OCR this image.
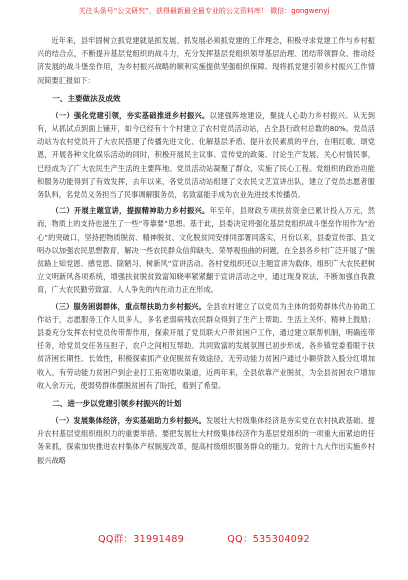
关注头条号“公文研究”，获得最新最全最专业的公文资料库！ 微信：gongwenyj

近年来，县牢固树立抓党建就是抓发展、抓发展必须抓党建的工作理念，积极寻求党建工作与乡村振兴的结合点，不断提升基层党组织的战斗力，充分发挥基层党组织领导基层治理、团结带领群众、推动经济发展的战斗堡垒作用，为乡村振兴战略的顺利实施提供坚强组织保障。现将抓党建引领乡村振兴工作情况简要汇报如下：

一、主要做法及成效

（一）强化党建引领，夯实基础推进乡村振兴。以建强阵地建设，聚拢人心助力乡村振兴。从无到有，从抓试点到面上铺开，如今已经有十个村建立了农村党员活动站，占全县行政村总数的80%。党员活动站为农村党员开了大农民搭建了传播先进文化、化解基层矛盾、提升农民素质的平台，在唱红歌、颂党恩，开展各种文化娱乐活动的同时，积极开展民主议事、宣传党的政策、讨论生产发展、关心村情民事，已经成为了广大农民生产生活的主要阵地。党员活动站凝聚了群众，实施了民心工程。党组织的政治功能和服务功能得到了有效发挥，去年以来，各党员活动站组建了文农民文艺宣讲出队，建立了党员志愿者服务队料，名党员义务担当了民事调解服务员，名致富能手成为农业先进技术传播员。

（二）开展主题宣讲，提振精神助力乡村振兴。年至年，县财政专项扶贫资金已累计投入万元，然而，物质上的支持也滋生了一些“等靠要”思想。基于此，县委决定将强化基层党组织战斗堡垒作用作为“治心”的突破口，坚持把物质脱贫、精神脱贫、文化脱贫同安排同部署同落实，月份以来，县委宣传部、县文明办以加强农民思想教育，解决一些农民群众信仰缺失、荣辱观扭曲的问题，在全县各乡村广泛开展了“脱贫路上知党恩、感党恩、除陋习、树新风”宣讲活动。各村党组织还以主题宣讲为载体，组织广大农民把树立文明新风各项系统，增强扶贫脱贫致富知晓率紧紧翻于宣讲活动之中，通过现身说法，不断加强自我教育，广大农民勤劳致富、人人争先的内在动力正在形成。

（三）服务困弱群体，重点帮扶助力乡村振兴。全县农村建立了以党员为主体的弱势群体代办协助工作站于，志愿服务工作人员多人，多名老弱病残农民群众得到了生产上帮助、生活上关怀、精神上鼓励；县委充分发挥农村党员传带帮作用，探索开展了党员联大户带贫困户工作，通过建立联帮机制，明确连带任务，给党员交任务压担子，农户之间相互帮助、共同致富的发展氛围已初步形成。各乡镇党委着眼于扶贫济困长期性、长效性，积极探索抓产业促脱贫有效途径，无劳动能力贫困户通过小额贷款入股分红增加收入，有劳动能力贫困户到企业打工拓宽增收渠道，近两年来，全县依靠产业脱贫，为全县贫困农户增加收入余万元，使弱势群体摆脱贫困有了盼托，看到了希望。

二、进一步以党建引领乡村振兴的计划

（一）发展集体经济，夯实基础助力乡村振兴。发展壮大村级集体经济是夯实党在农村执政基础、提升农村基层党组织组织力的重要举措。要把发展壮大村级集体经济作为基层党组织的一项重大而紧迫的任务来抓，探索加快推进农村集体产权制度改革，提高村级组织服务群众的能力。党的十九大作出实施乡村振兴战略

QQ群：31991489	QQ：535304092
